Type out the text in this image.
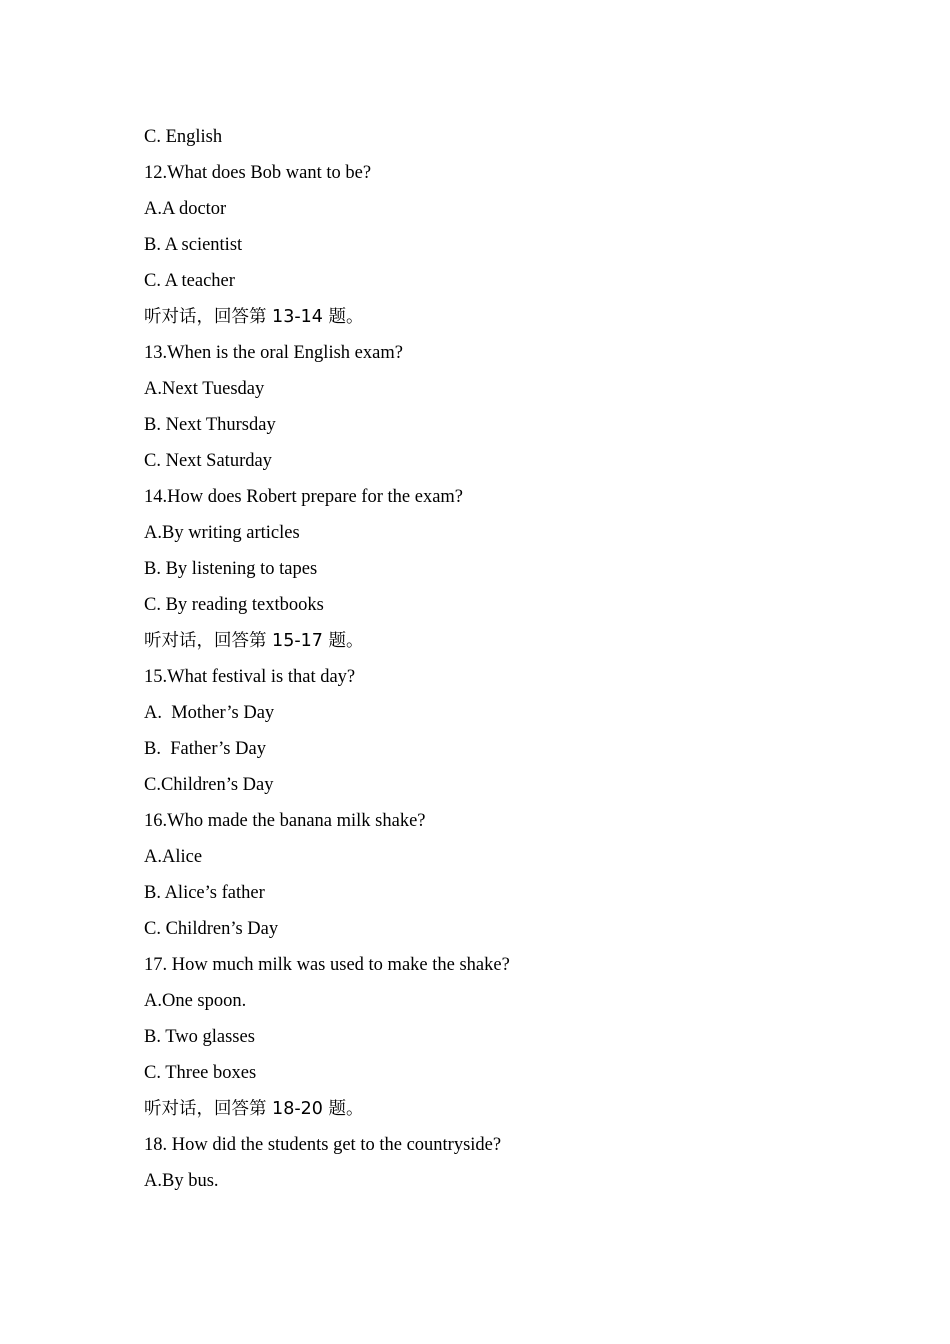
C. English
12.What does Bob want to be?
A.A doctor
B. A scientist
C. A teacher
听对话，回答第 13-14 题。
13.When is the oral English exam?
A.Next Tuesday
B. Next Thursday
C. Next Saturday
14.How does Robert prepare for the exam?
A.By writing articles
B. By listening to tapes
C. By reading textbooks
听对话，回答第 15-17 题。
15.What festival is that day?
A.  Mother’s Day
B.  Father’s Day
C.Children’s Day
16.Who made the banana milk shake?
A.Alice
B. Alice’s father
C. Children’s Day
17. How much milk was used to make the shake?
A.One spoon.
B. Two glasses
C. Three boxes
听对话，回答第 18-20 题。
18. How did the students get to the countryside?
A.By bus.
